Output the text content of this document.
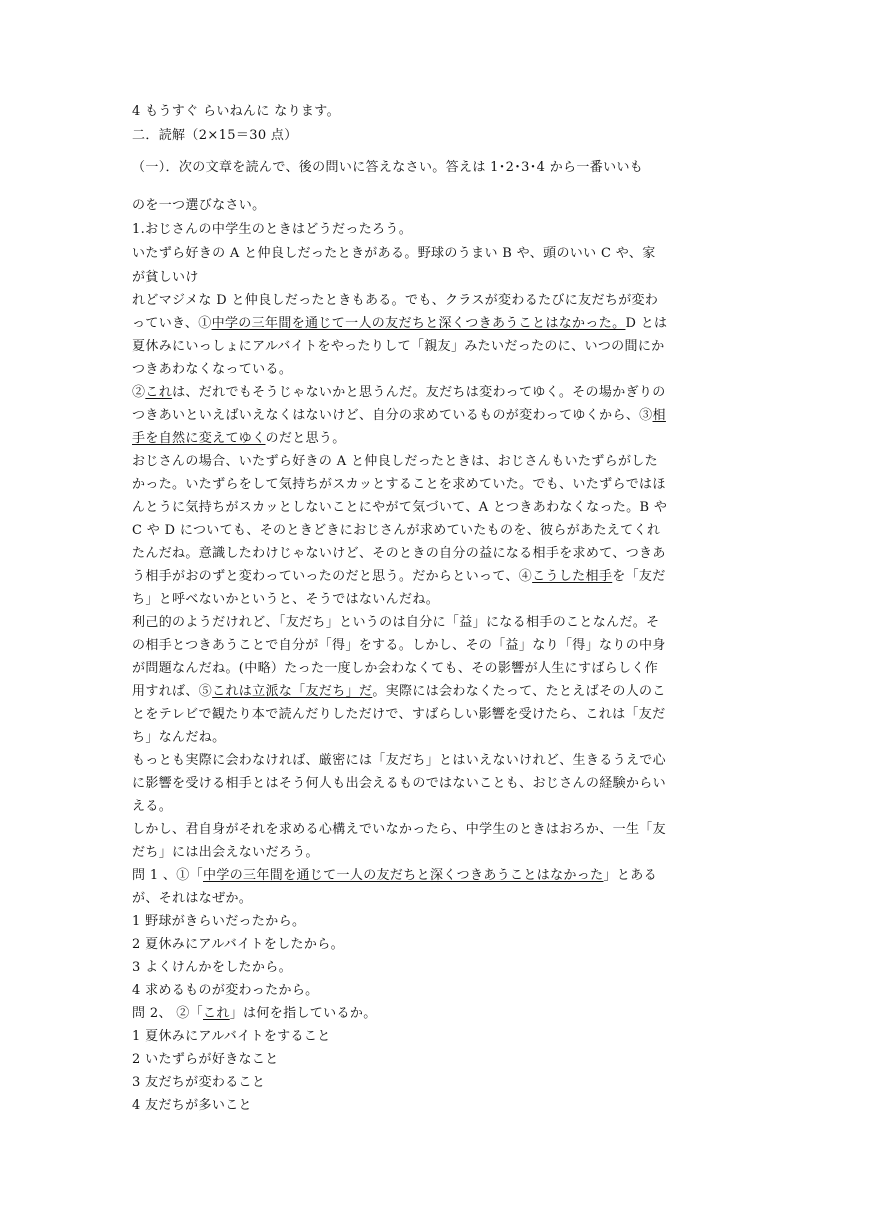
4 もうすぐ らいねんに なります。
二．読解（2×15＝30 点）
（一）．次の文章を読んで、後の問いに答えなさい。答えは 1･2･3･4 から一番いいも
のを一つ選びなさい。
1.おじさんの中学生のときはどうだったろう。
いたずら好きの A と仲良しだったときがある。野球のうまい B や、頭のいい C や、家
が貧しいけ
れどマジメな D と仲良しだったときもある。でも、クラスが変わるたびに友だちが変わ
っていき、①中学の三年間を通じて一人の友だちと深くつきあうことはなかった。D とは
夏休みにいっしょにアルバイトをやったりして「親友」みたいだったのに、いつの間にか
つきあわなくなっている。
②これは、だれでもそうじゃないかと思うんだ。友だちは変わってゆく。その場かぎりの
つきあいといえばいえなくはないけど、自分の求めているものが変わってゆくから、③相
手を自然に変えてゆくのだと思う。
おじさんの場合、いたずら好きの A と仲良しだったときは、おじさんもいたずらがした
かった。いたずらをして気持ちがスカッとすることを求めていた。でも、いたずらではほ
んとうに気持ちがスカッとしないことにやがて気づいて、A とつきあわなくなった。B や
C や D についても、そのときどきにおじさんが求めていたものを、彼らがあたえてくれ
たんだね。意識したわけじゃないけど、そのときの自分の益になる相手を求めて、つきあ
う相手がおのずと変わっていったのだと思う。だからといって、④こうした相手を「友だ
ち」と呼べないかというと、そうではないんだね。
利己的のようだけれど、「友だち」というのは自分に「益」になる相手のことなんだ。そ
の相手とつきあうことで自分が「得」をする。しかし、その「益」なり「得」なりの中身
が問題なんだね。(中略）たった一度しか会わなくても、その影響が人生にすばらしく作
用すれば、⑤これは立派な「友だち」だ。実際には会わなくたって、たとえばその人のこ
とをテレビで観たり本で読んだりしただけで、すばらしい影響を受けたら、これは「友だ
ち」なんだね。
もっとも実際に会わなければ、厳密には「友だち」とはいえないけれど、生きるうえで心
に影響を受ける相手とはそう何人も出会えるものではないことも、おじさんの経験からい
える。
しかし、君自身がそれを求める心構えでいなかったら、中学生のときはおろか、一生「友
だち」には出会えないだろう。
問 1 、①「中学の三年間を通じて一人の友だちと深くつきあうことはなかった」とある
が、それはなぜか。
1 野球がきらいだったから。
2 夏休みにアルバイトをしたから。
3 よくけんかをしたから。
4 求めるものが変わったから。
問 2、 ②「これ」は何を指しているか。
1 夏休みにアルバイトをすること
2 いたずらが好きなこと
3 友だちが変わること
4 友だちが多いこと
